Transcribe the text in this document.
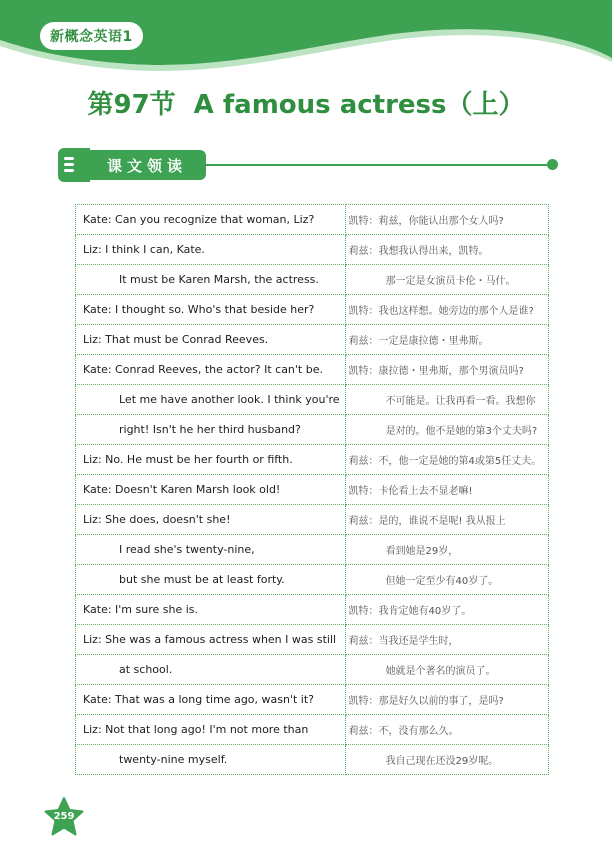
新概念英语1
第97节 A famous actress（上）
课文领读
Kate: Can you recognize that woman, Liz?	凯特：莉兹，你能认出那个女人吗?
Liz: I think I can, Kate.	莉兹：我想我认得出来，凯特。
It must be Karen Marsh, the actress.	那一定是女演员卡伦・马什。
Kate: I thought so. Who's that beside her?	凯特：我也这样想。她旁边的那个人是谁?
Liz: That must be Conrad Reeves.	莉兹：一定是康拉德・里弗斯。
Kate: Conrad Reeves, the actor? It can't be.	凯特：康拉德・里弗斯，那个男演员吗?
Let me have another look. I think you're	不可能是。让我再看一看。我想你
right! Isn't he her third husband?	是对的。他不是她的第3个丈夫吗?
Liz: No. He must be her fourth or fifth.	莉兹：不，他一定是她的第4或第5任丈夫。
Kate: Doesn't Karen Marsh look old!	凯特：卡伦看上去不显老嘛!
Liz: She does, doesn't she!	莉兹：是的，谁说不是呢! 我从报上
I read she's twenty-nine,	看到她是29岁，
but she must be at least forty.	但她一定至少有40岁了。
Kate: I'm sure she is.	凯特：我肯定她有40岁了。
Liz: She was a famous actress when I was still	莉兹：当我还是学生时，
at school.	她就是个著名的演员了。
Kate: That was a long time ago, wasn't it?	凯特：那是好久以前的事了，是吗?
Liz: Not that long ago! I'm not more than	莉兹：不，没有那么久。
twenty-nine myself.	我自己现在还没29岁呢。
259
